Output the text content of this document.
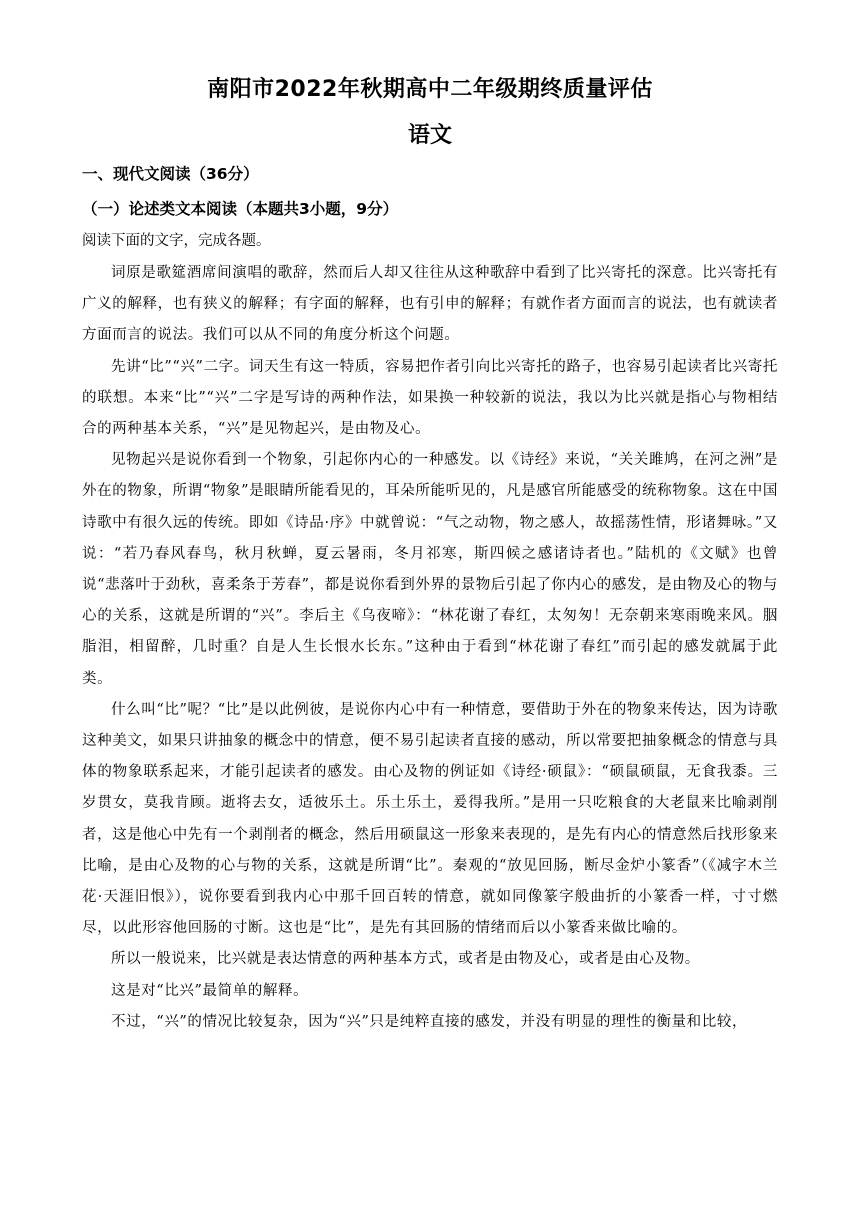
南阳市2022年秋期高中二年级期终质量评估
语文
一、现代文阅读（36分）
（一）论述类文本阅读（本题共3小题，9分）
阅读下面的文字，完成各题。

词原是歌筵酒席间演唱的歌辞，然而后人却又往往从这种歌辞中看到了比兴寄托的深意。比兴寄托有广义的解释，也有狭义的解释；有字面的解释，也有引申的解释；有就作者方面而言的说法，也有就读者方面而言的说法。我们可以从不同的角度分析这个问题。

先讲“比”“兴”二字。词天生有这一特质，容易把作者引向比兴寄托的路子，也容易引起读者比兴寄托的联想。本来“比”“兴”二字是写诗的两种作法，如果换一种较新的说法，我以为比兴就是指心与物相结合的两种基本关系，“兴”是见物起兴，是由物及心。

见物起兴是说你看到一个物象，引起你内心的一种感发。以《诗经》来说，“关关雎鸠，在河之洲”是外在的物象，所谓“物象”是眼睛所能看见的，耳朵所能听见的，凡是感官所能感受的统称物象。这在中国诗歌中有很久远的传统。即如《诗品·序》中就曾说：“气之动物，物之感人，故摇荡性情，形诸舞咏。”又说：“若乃春风春鸟，秋月秋蝉，夏云暑雨，冬月祁寒，斯四候之感诸诗者也。”陆机的《文赋》也曾说“悲落叶于劲秋，喜柔条于芳春”，都是说你看到外界的景物后引起了你内心的感发，是由物及心的物与心的关系，这就是所谓的“兴”。李后主《乌夜啼》：“林花谢了春红，太匆匆！无奈朝来寒雨晚来风。胭脂泪，相留醉，几时重？自是人生长恨水长东。”这种由于看到“林花谢了春红”而引起的感发就属于此类。

什么叫“比”呢？“比”是以此例彼，是说你内心中有一种情意，要借助于外在的物象来传达，因为诗歌这种美文，如果只讲抽象的概念中的情意，便不易引起读者直接的感动，所以常要把抽象概念的情意与具体的物象联系起来，才能引起读者的感发。由心及物的例证如《诗经·硕鼠》：“硕鼠硕鼠，无食我黍。三岁贯女，莫我肯顾。逝将去女，适彼乐土。乐土乐土，爰得我所。”是用一只吃粮食的大老鼠来比喻剥削者，这是他心中先有一个剥削者的概念，然后用硕鼠这一形象来表现的，是先有内心的情意然后找形象来比喻，是由心及物的心与物的关系，这就是所谓“比”。秦观的“放见回肠，断尽金炉小篆香”（《减字木兰花·天涯旧恨》），说你要看到我内心中那千回百转的情意，就如同像篆字般曲折的小篆香一样，寸寸燃尽，以此形容他回肠的寸断。这也是“比”，是先有其回肠的情绪而后以小篆香来做比喻的。

所以一般说来，比兴就是表达情意的两种基本方式，或者是由物及心，或者是由心及物。

这是对“比兴”最简单的解释。

不过，“兴”的情况比较复杂，因为“兴”只是纯粹直接的感发，并没有明显的理性的衡量和比较，
